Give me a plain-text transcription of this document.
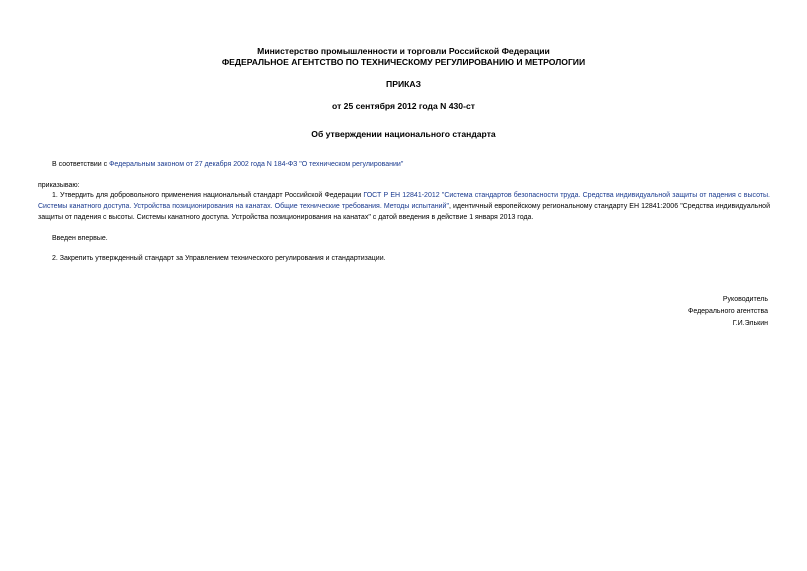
Министерство промышленности и торговли Российской Федерации
ФЕДЕРАЛЬНОЕ АГЕНТСТВО ПО ТЕХНИЧЕСКОМУ РЕГУЛИРОВАНИЮ И МЕТРОЛОГИИ
ПРИКАЗ
от 25 сентября 2012 года N 430-ст
Об утверждении национального стандарта
В соответствии с Федеральным законом от 27 декабря 2002 года N 184-ФЗ "О техническом регулировании"
приказываю:
1. Утвердить для добровольного применения национальный стандарт Российской Федерации ГОСТ Р ЕН 12841-2012 "Система стандартов безопасности труда. Средства индивидуальной защиты от падения с высоты. Системы канатного доступа. Устройства позиционирования на канатах. Общие технические требования. Методы испытаний", идентичный европейскому региональному стандарту ЕН 12841:2006 "Средства индивидуальной защиты от падения с высоты. Системы канатного доступа. Устройства позиционирования на канатах" с датой введения в действие 1 января 2013 года.
Введен впервые.
2. Закрепить утвержденный стандарт за Управлением технического регулирования и стандартизации.
Руководитель
Федерального агентства
Г.И.Элькин
